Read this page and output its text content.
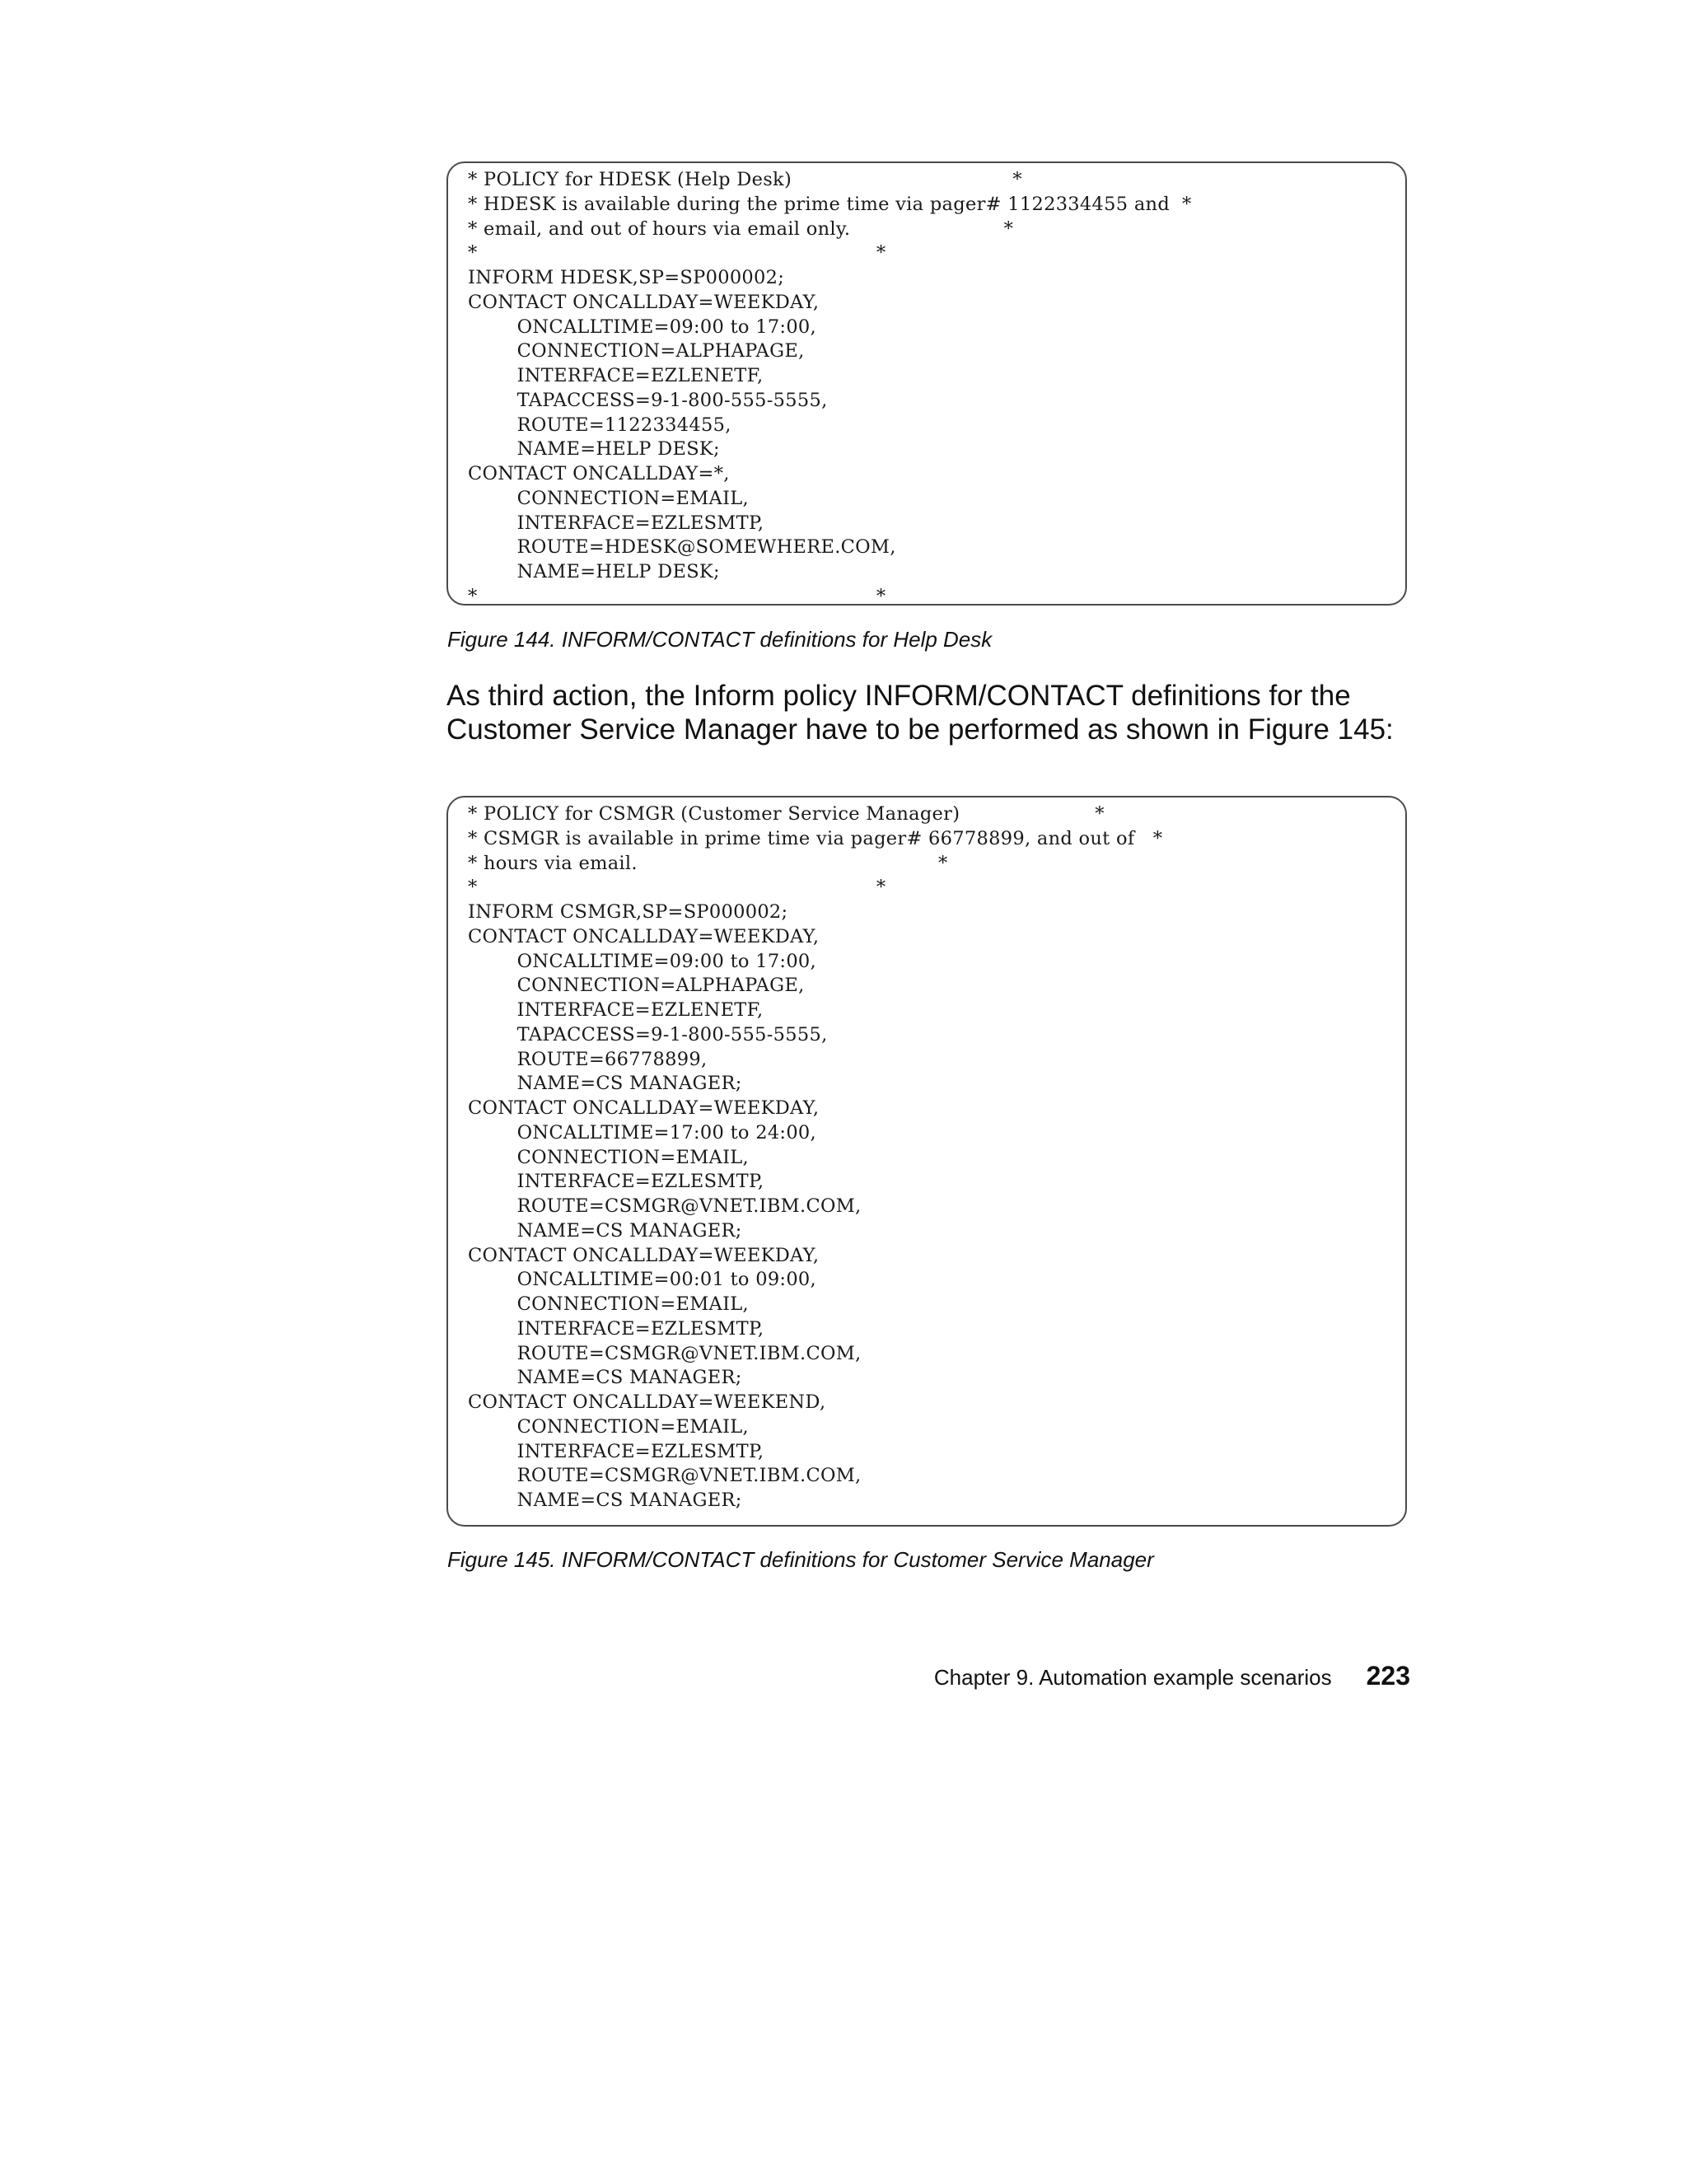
* POLICY for HDESK (Help Desk)                                    *
* HDESK is available during the prime time via pager# 1122334455 and  *
* email, and out of hours via email only.                         *
*                                                                 *
INFORM HDESK,SP=SP000002;
CONTACT ONCALLDAY=WEEKDAY,
ONCALLTIME=09:00 to 17:00,
CONNECTION=ALPHAPAGE,
INTERFACE=EZLENETF,
TAPACCESS=9-1-800-555-5555,
ROUTE=1122334455,
NAME=HELP DESK;
CONTACT ONCALLDAY=*,
CONNECTION=EMAIL,
INTERFACE=EZLESMTP,
ROUTE=HDESK@SOMEWHERE.COM,
NAME=HELP DESK;
*                                                                 *

Figure 144. INFORM/CONTACT definitions for Help Desk

As third action, the Inform policy INFORM/CONTACT definitions for the Customer Service Manager have to be performed as shown in Figure 145:

* POLICY for CSMGR (Customer Service Manager)                      *
* CSMGR is available in prime time via pager# 66778899, and out of   *
* hours via email.                                                 *
*                                                                 *
INFORM CSMGR,SP=SP000002;
CONTACT ONCALLDAY=WEEKDAY,
ONCALLTIME=09:00 to 17:00,
CONNECTION=ALPHAPAGE,
INTERFACE=EZLENETF,
TAPACCESS=9-1-800-555-5555,
ROUTE=66778899,
NAME=CS MANAGER;
CONTACT ONCALLDAY=WEEKDAY,
ONCALLTIME=17:00 to 24:00,
CONNECTION=EMAIL,
INTERFACE=EZLESMTP,
ROUTE=CSMGR@VNET.IBM.COM,
NAME=CS MANAGER;
CONTACT ONCALLDAY=WEEKDAY,
ONCALLTIME=00:01 to 09:00,
CONNECTION=EMAIL,
INTERFACE=EZLESMTP,
ROUTE=CSMGR@VNET.IBM.COM,
NAME=CS MANAGER;
CONTACT ONCALLDAY=WEEKEND,
CONNECTION=EMAIL,
INTERFACE=EZLESMTP,
ROUTE=CSMGR@VNET.IBM.COM,
NAME=CS MANAGER;

Figure 145. INFORM/CONTACT definitions for Customer Service Manager

Chapter 9. Automation example scenarios 223
